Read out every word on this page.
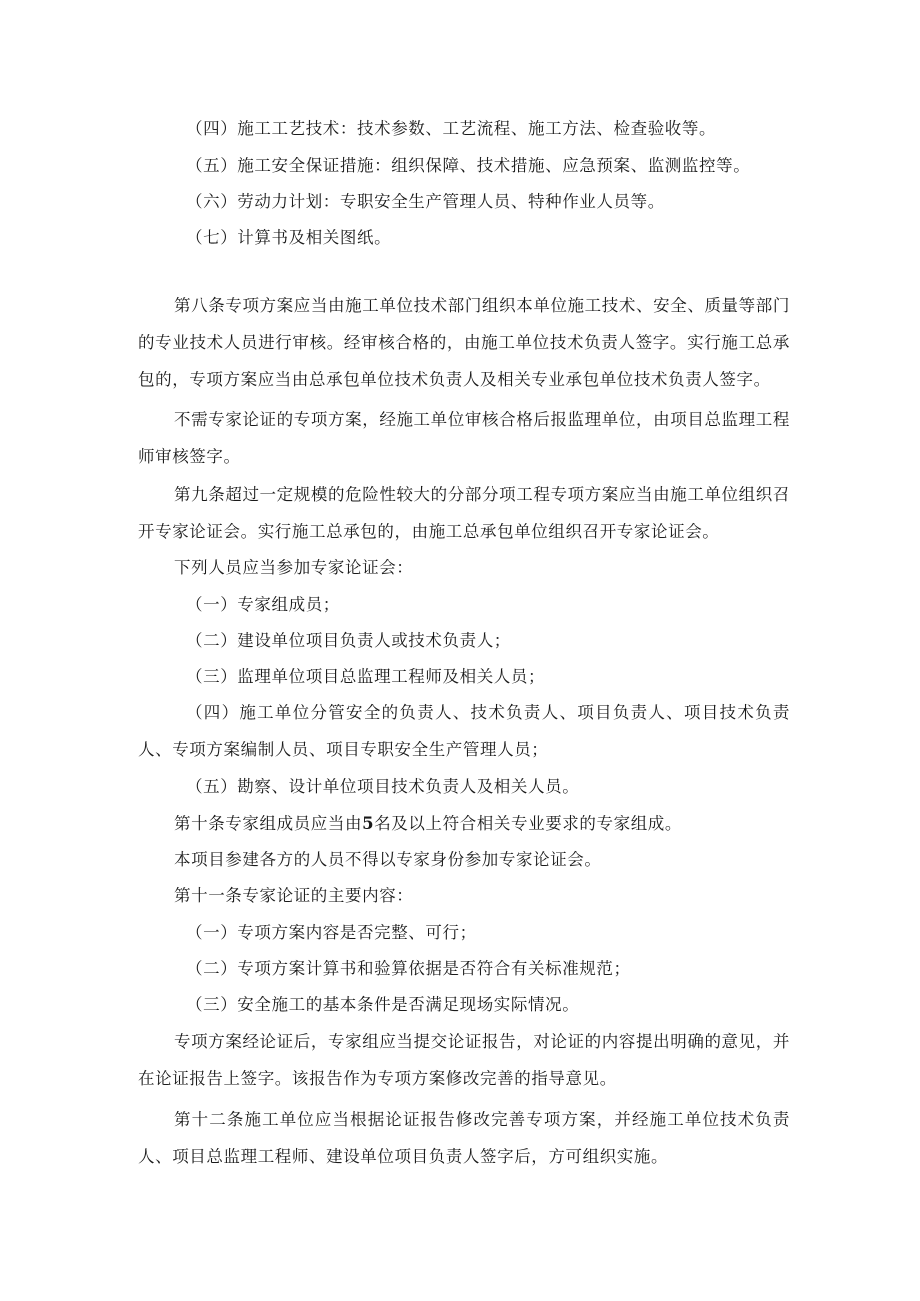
（四）施工工艺技术：技术参数、工艺流程、施工方法、检查验收等。

（五）施工安全保证措施：组织保障、技术措施、应急预案、监测监控等。

（六）劳动力计划：专职安全生产管理人员、特种作业人员等。

（七）计算书及相关图纸。

第八条专项方案应当由施工单位技术部门组织本单位施工技术、安全、质量等部门的专业技术人员进行审核。经审核合格的，由施工单位技术负责人签字。实行施工总承包的，专项方案应当由总承包单位技术负责人及相关专业承包单位技术负责人签字。

不需专家论证的专项方案，经施工单位审核合格后报监理单位，由项目总监理工程师审核签字。

第九条超过一定规模的危险性较大的分部分项工程专项方案应当由施工单位组织召开专家论证会。实行施工总承包的，由施工总承包单位组织召开专家论证会。

下列人员应当参加专家论证会：

（一）专家组成员；

（二）建设单位项目负责人或技术负责人；

（三）监理单位项目总监理工程师及相关人员；

（四）施工单位分管安全的负责人、技术负责人、项目负责人、项目技术负责人、专项方案编制人员、项目专职安全生产管理人员；

（五）勘察、设计单位项目技术负责人及相关人员。

第十条专家组成员应当由5名及以上符合相关专业要求的专家组成。

本项目参建各方的人员不得以专家身份参加专家论证会。

第十一条专家论证的主要内容：

（一）专项方案内容是否完整、可行；

（二）专项方案计算书和验算依据是否符合有关标准规范；

（三）安全施工的基本条件是否满足现场实际情况。

专项方案经论证后，专家组应当提交论证报告，对论证的内容提出明确的意见，并在论证报告上签字。该报告作为专项方案修改完善的指导意见。

第十二条施工单位应当根据论证报告修改完善专项方案，并经施工单位技术负责人、项目总监理工程师、建设单位项目负责人签字后，方可组织实施。
